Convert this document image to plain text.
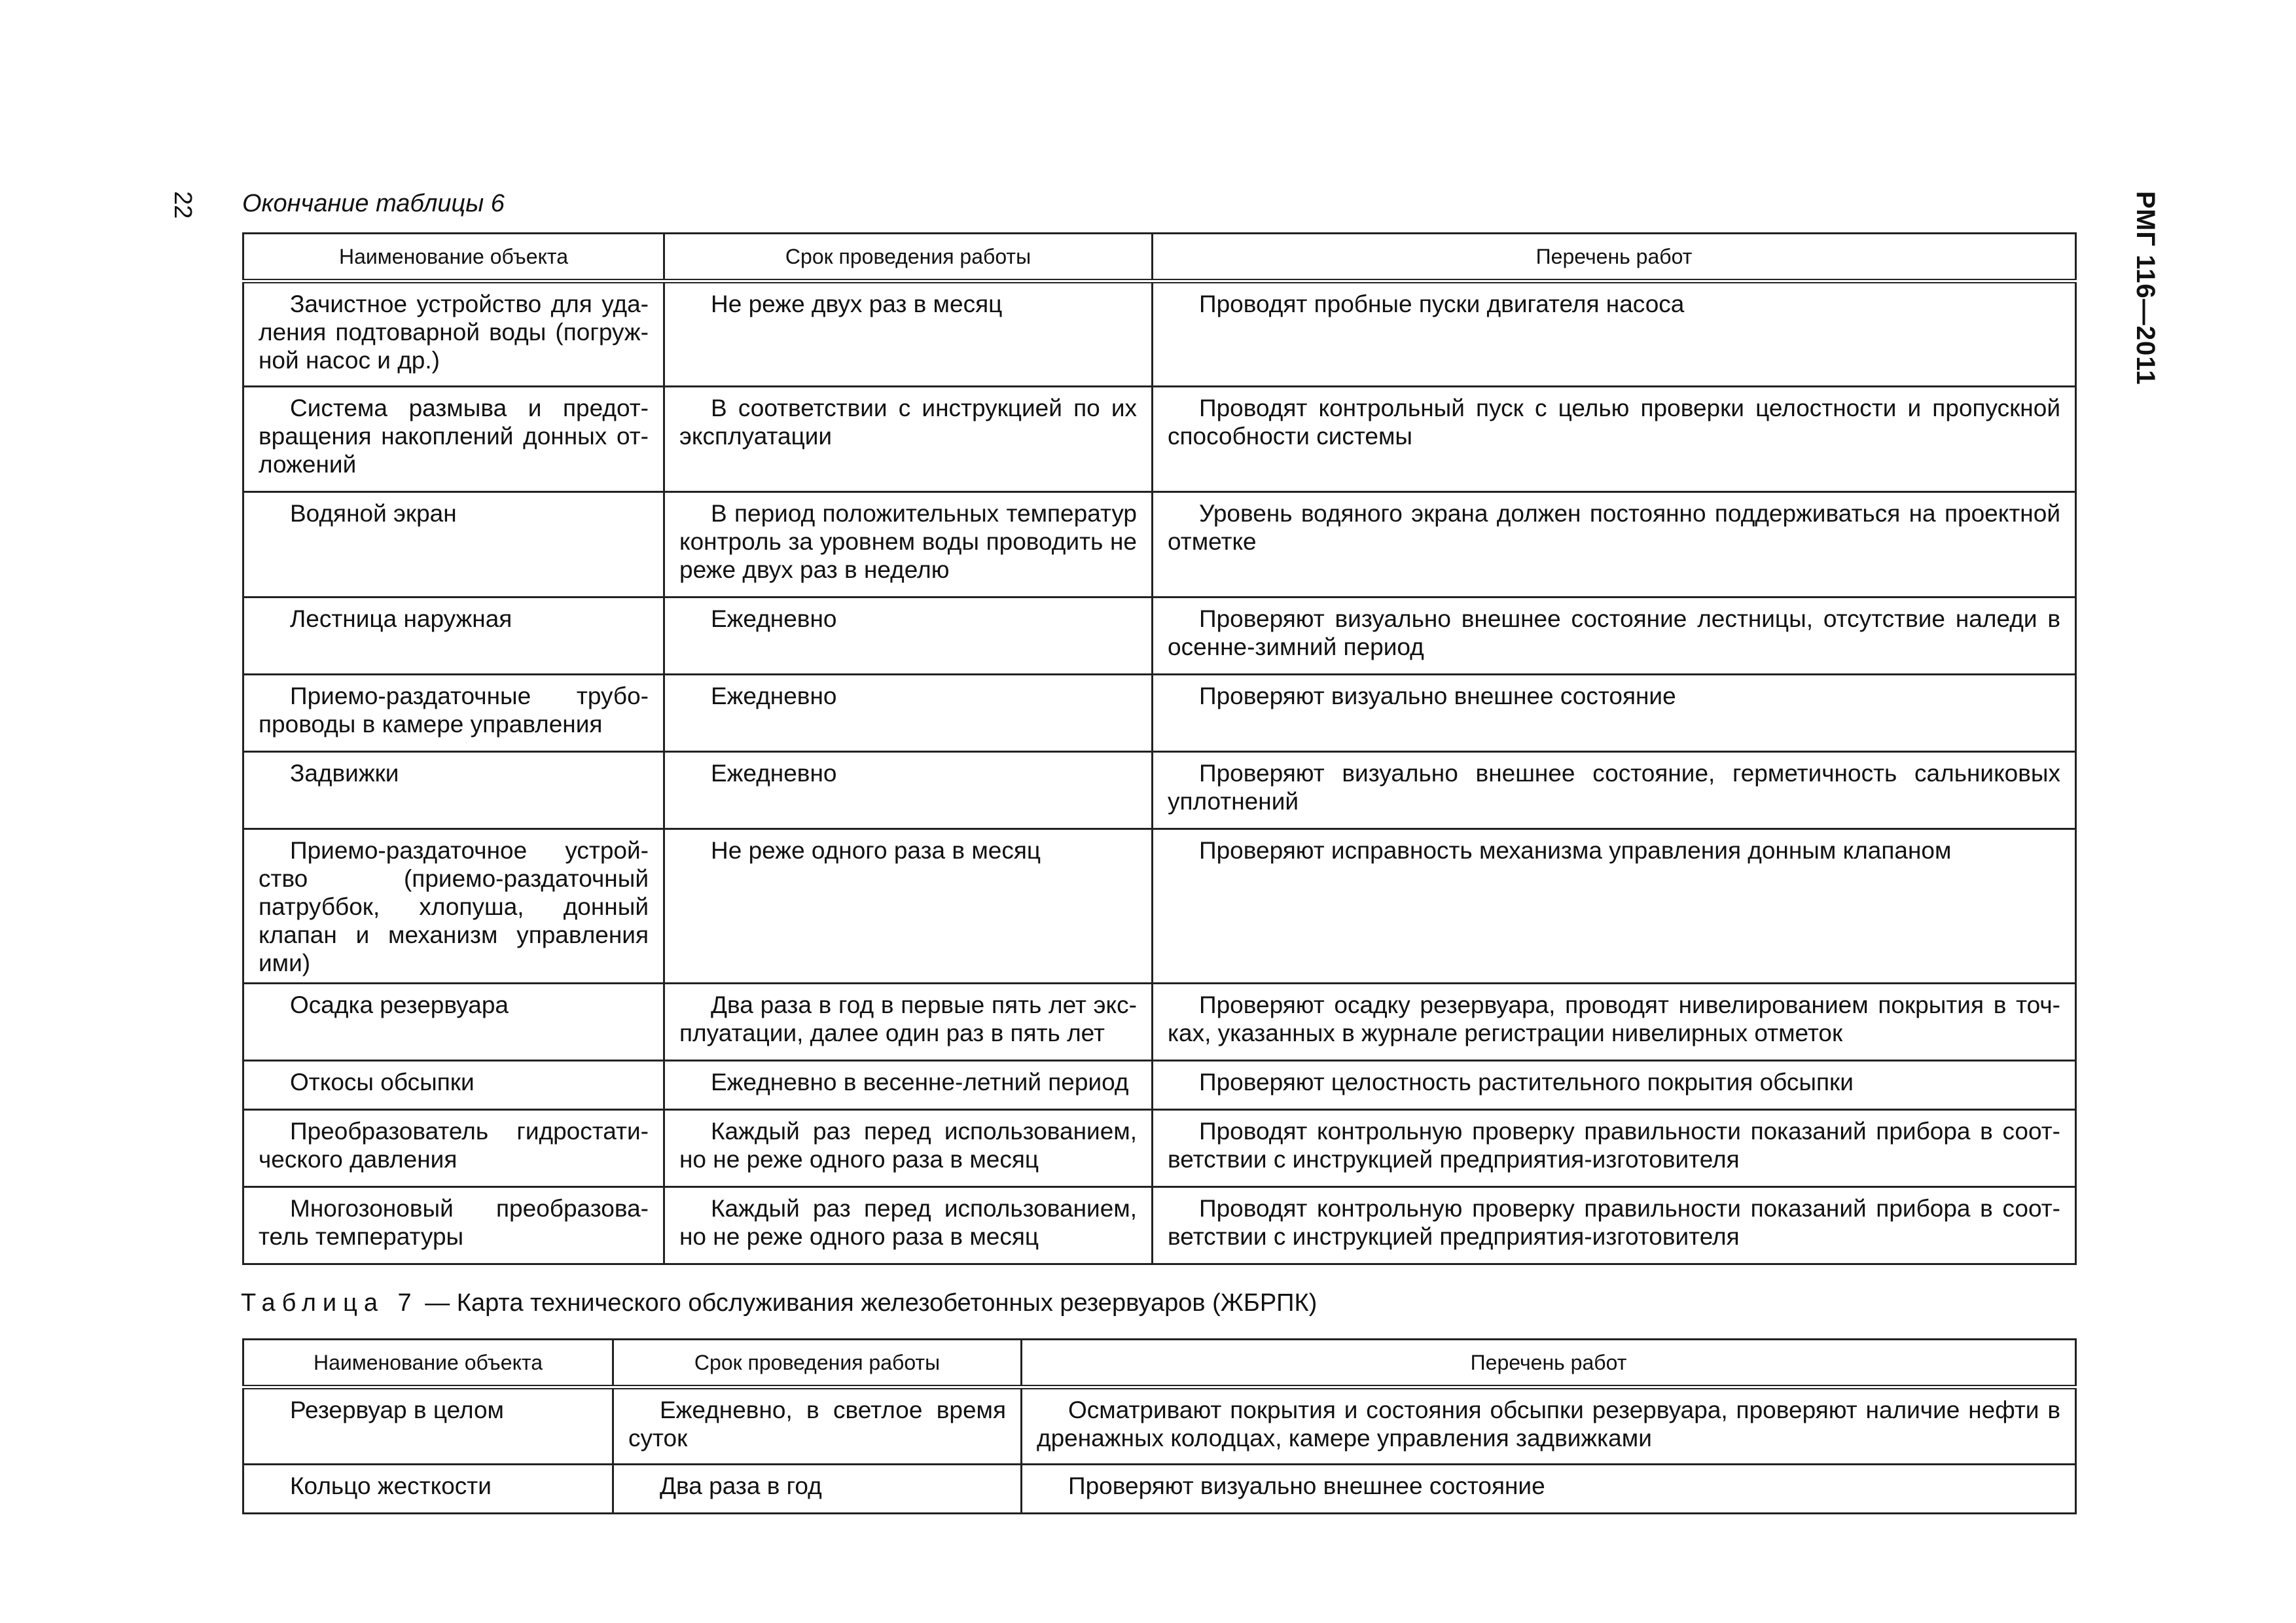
22	РМГ 116—2011
Окончание таблицы 6
Наименование объекта	Срок проведения работы	Перечень работ
Зачистное устройство для удаления подтоварной воды (погружной насос и др.)	Не реже двух раз в месяц	Проводят пробные пуски двигателя насоса
Система размыва и предотвращения накоплений донных отложений	В соответствии с инструкцией по их эксплуатации	Проводят контрольный пуск с целью проверки целостности и пропускной способности системы
Водяной экран	В период положительных температур контроль за уровнем воды проводить не реже двух раз в неделю	Уровень водяного экрана должен постоянно поддерживаться на проектной отметке
Лестница наружная	Ежедневно	Проверяют визуально внешнее состояние лестницы, отсутствие наледи в осенне-зимний период
Приемо-раздаточные трубопроводы в камере управления	Ежедневно	Проверяют визуально внешнее состояние
Задвижки	Ежедневно	Проверяют визуально внешнее состояние, герметичность сальниковых уплотнений
Приемо-раздаточное устройство (приемо-раздаточный патруббок, хлопуша, донный клапан и механизм управления ими)	Не реже одного раза в месяц	Проверяют исправность механизма управления донным клапаном
Осадка резервуара	Два раза в год в первые пять лет эксплуатации, далее один раз в пять лет	Проверяют осадку резервуара, проводят нивелированием покрытия в точках, указанных в журнале регистрации нивелирных отметок
Откосы обсыпки	Ежедневно в весенне-летний период	Проверяют целостность растительного покрытия обсыпки
Преобразователь гидростатического давления	Каждый раз перед использованием, но не реже одного раза в месяц	Проводят контрольную проверку правильности показаний прибора в соответствии с инструкцией предприятия-изготовителя
Многозоновый преобразователь температуры	Каждый раз перед использованием, но не реже одного раза в месяц	Проводят контрольную проверку правильности показаний прибора в соответствии с инструкцией предприятия-изготовителя
Таблица 7 — Карта технического обслуживания железобетонных резервуаров (ЖБРПК)
Наименование объекта	Срок проведения работы	Перечень работ
Резервуар в целом	Ежедневно, в светлое время суток	Осматривают покрытия и состояния обсыпки резервуара, проверяют наличие нефти в дренажных колодцах, камере управления задвижками
Кольцо жесткости	Два раза в год	Проверяют визуально внешнее состояние
